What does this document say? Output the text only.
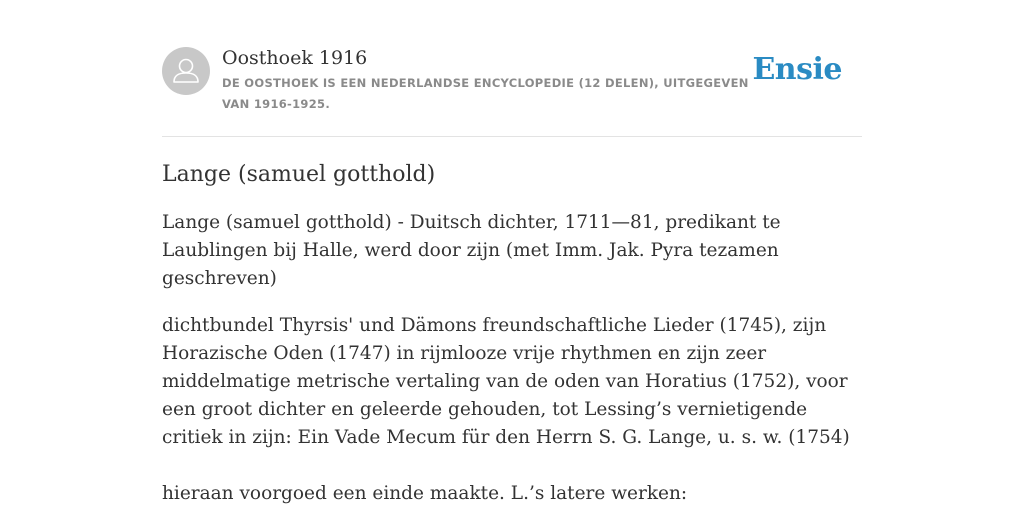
Oosthoek 1916
DE OOSTHOEK IS EEN NEDERLANDSE ENCYCLOPEDIE (12 DELEN), UITGEGEVEN VAN 1916-1925.
Ensie
Lange (samuel gotthold)

Lange (samuel gotthold) - Duitsch dichter, 1711—81, predikant te Laublingen bij Halle, werd door zijn (met Imm. Jak. Pyra tezamen geschreven)

dichtbundel Thyrsis' und Dämons freundschaftliche Lieder (1745), zijn Horazische Oden (1747) in rijmlooze vrije rhythmen en zijn zeer middelmatige metrische vertaling van de oden van Horatius (1752), voor een groot dichter en geleerde gehouden, tot Lessing’s vernietigende critiek in zijn: Ein Vade Mecum für den Herrn S. G. Lange, u. s. w. (1754)

hieraan voorgoed een einde maakte. L.’s latere werken:
